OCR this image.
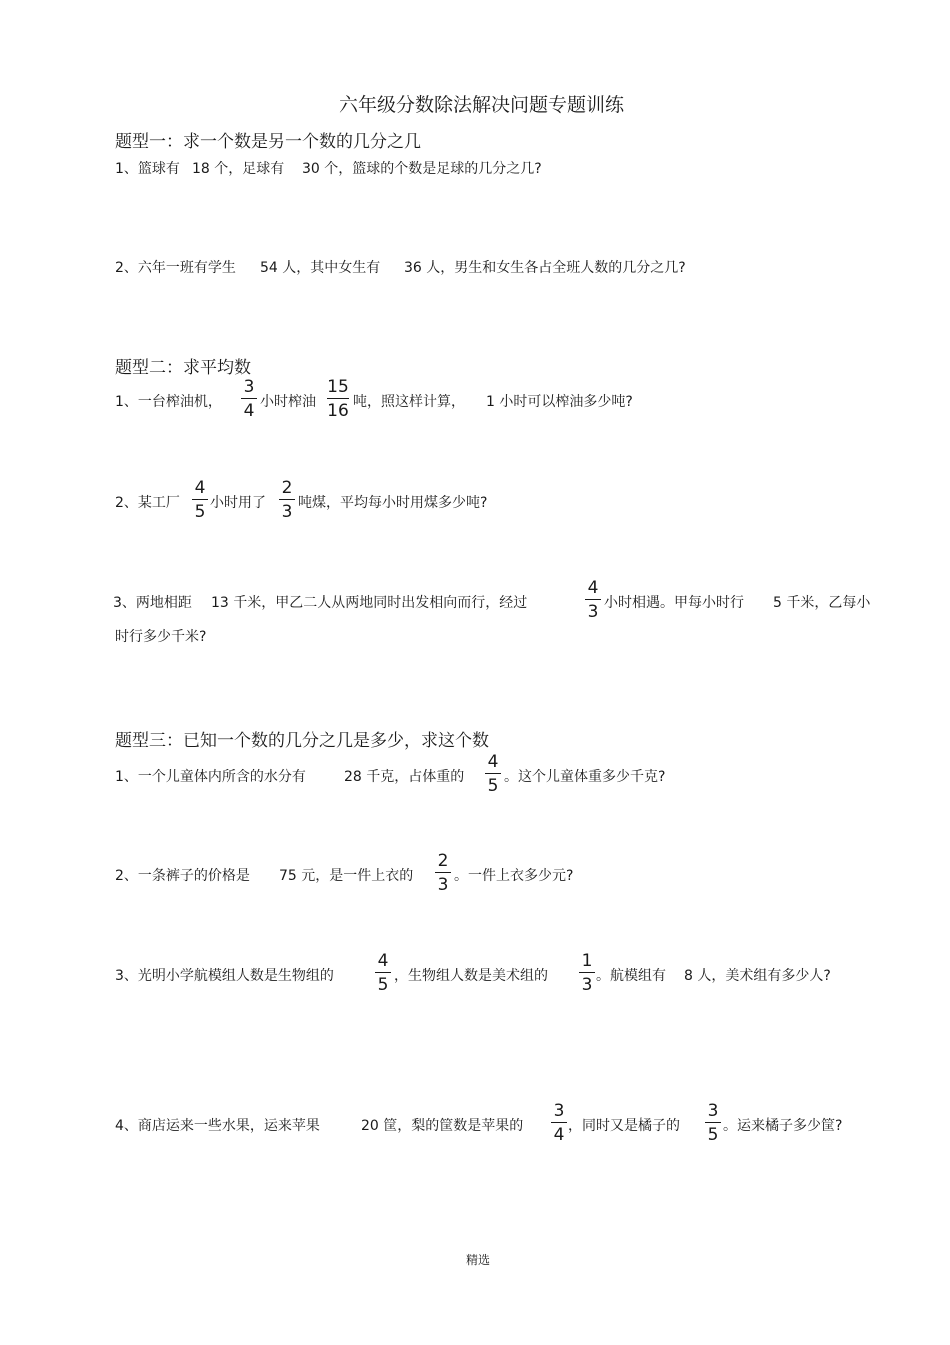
六年级分数除法解决问题专题训练
题型一：求一个数是另一个数的几分之几
1、篮球有 18 个，足球有 30 个，篮球的个数是足球的几分之几?
2、六年一班有学生 54 人，其中女生有 36 人，男生和女生各占全班人数的几分之几?
题型二：求平均数
1、一台榨油机，
3
4 小时榨油
15
16 吨，照这样计算， 1 小时可以榨油多少吨?
2、某工厂
4
5 小时用了
2
3 吨煤，平均每小时用煤多少吨?
3、两地相距 13 千米，甲乙二人从两地同时出发相向而行，经过
4
3 小时相遇。甲每小时行 5 千米，乙每小
时行多少千米?
题型三：已知一个数的几分之几是多少，求这个数
1、一个儿童体内所含的水分有	28 千克，占体重的
4
5 。这个儿童体重多少千克?
2、一条裤子的价格是 75 元，是一件上衣的
2
3 。一件上衣多少元?
3、光明小学航模组人数是生物组的
4
5 ，生物组人数是美术组的
1
3 。航模组有 8 人，美术组有多少人?
4、商店运来一些水果，运来苹果	20 筐，梨的筐数是苹果的
3
4 ，同时又是橘子的
3
5 。运来橘子多少筐?
精选
